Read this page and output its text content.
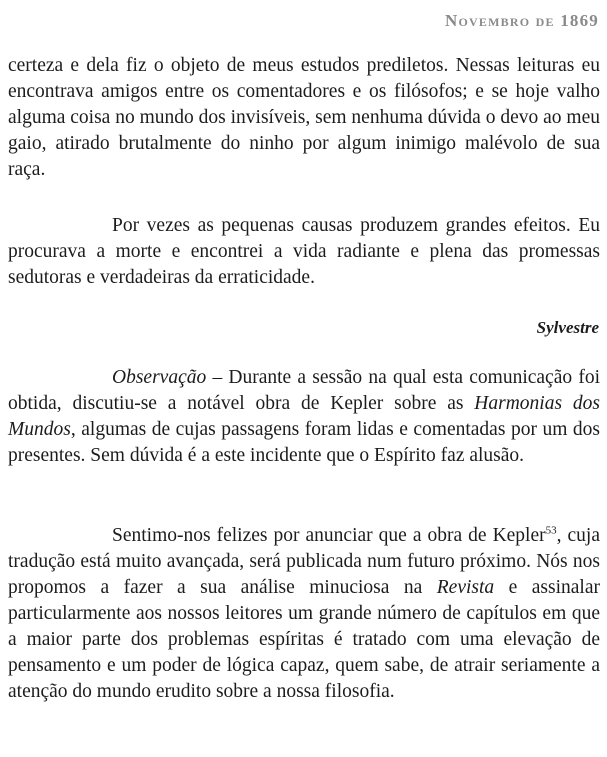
Novembro de 1869

certeza e dela fiz o objeto de meus estudos prediletos. Nessas leituras eu encontrava amigos entre os comentadores e os filósofos; e se hoje valho alguma coisa no mundo dos invisíveis, sem nenhuma dúvida o devo ao meu gaio, atirado brutalmente do ninho por algum inimigo malévolo de sua raça.

Por vezes as pequenas causas produzem grandes efeitos. Eu procurava a morte e encontrei a vida radiante e plena das promessas sedutoras e verdadeiras da erraticidade.

Sylvestre

Observação – Durante a sessão na qual esta comunicação foi obtida, discutiu-se a notável obra de Kepler sobre as Harmonias dos Mundos, algumas de cujas passagens foram lidas e comentadas por um dos presentes. Sem dúvida é a este incidente que o Espírito faz alusão.

Sentimo-nos felizes por anunciar que a obra de Kepler$^{53}$, cuja tradução está muito avançada, será publicada num futuro próximo. Nós nos propomos a fazer a sua análise minuciosa na Revista e assinalar particularmente aos nossos leitores um grande número de capítulos em que a maior parte dos problemas espíritas é tratado com uma elevação de pensamento e um poder de lógica capaz, quem sabe, de atrair seriamente a atenção do mundo erudito sobre a nossa filosofia.
